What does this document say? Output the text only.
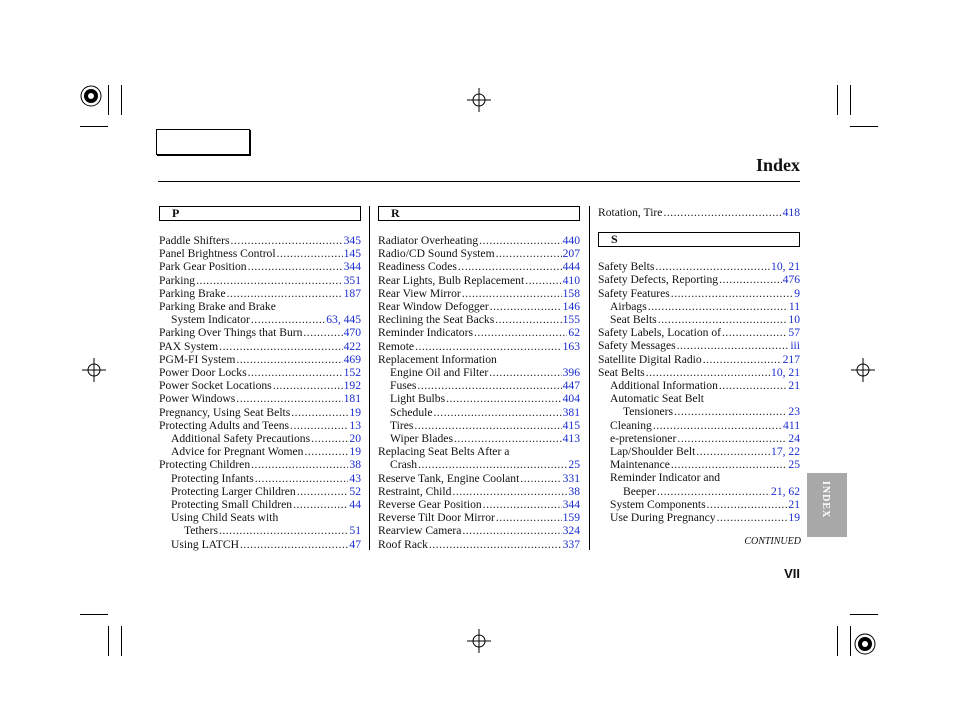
Index
P
Paddle Shifters .....	345
Panel Brightness Control .....	145
Park Gear Position .....	344
Parking .....	351
Parking Brake .....	187
Parking Brake and Brake
System Indicator .....	63, 445
Parking Over Things that Burn .....	470
PAX System .....	422
PGM-FI System .....	469
Power Door Locks .....	152
Power Socket Locations .....	192
Power Windows .....	181
Pregnancy, Using Seat Belts .....	19
Protecting Adults and Teens .....	13
Additional Safety Precautions .....	20
Advice for Pregnant Women .....	19
Protecting Children .....	38
Protecting Infants .....	43
Protecting Larger Children .....	52
Protecting Small Children .....	44
Using Child Seats with
Tethers .....	51
Using LATCH .....	47
R
Radiator Overheating .....	440
Radio/CD Sound System .....	207
Readiness Codes .....	444
Rear Lights, Bulb Replacement .....	410
Rear View Mirror .....	158
Rear Window Defogger .....	146
Reclining the Seat Backs .....	155
Reminder Indicators .....	62
Remote .....	163
Replacement Information
Engine Oil and Filter .....	396
Fuses .....	447
Light Bulbs .....	404
Schedule .....	381
Tires .....	415
Wiper Blades .....	413
Replacing Seat Belts After a
Crash .....	25
Reserve Tank, Engine Coolant .....	331
Restraint, Child .....	38
Reverse Gear Position .....	344
Reverse Tilt Door Mirror .....	159
Rearview Camera .....	324
Roof Rack .....	337
Rotation, Tire .....	418
S
Safety Belts .....	10, 21
Safety Defects, Reporting .....	476
Safety Features .....	9
Airbags .....	11
Seat Belts .....	10
Safety Labels, Location of .....	57
Safety Messages .....	iii
Satellite Digital Radio .....	217
Seat Belts .....	10, 21
Additional Information .....	21
Automatic Seat Belt
Tensioners .....	23
Cleaning .....	411
e-pretensioner .....	24
Lap/Shoulder Belt .....	17, 22
Maintenance .....	25
Reminder Indicator and
Beeper .....	21, 62
System Components .....	21
Use During Pregnancy .....	19 INDEX
CONTINUED
VII
